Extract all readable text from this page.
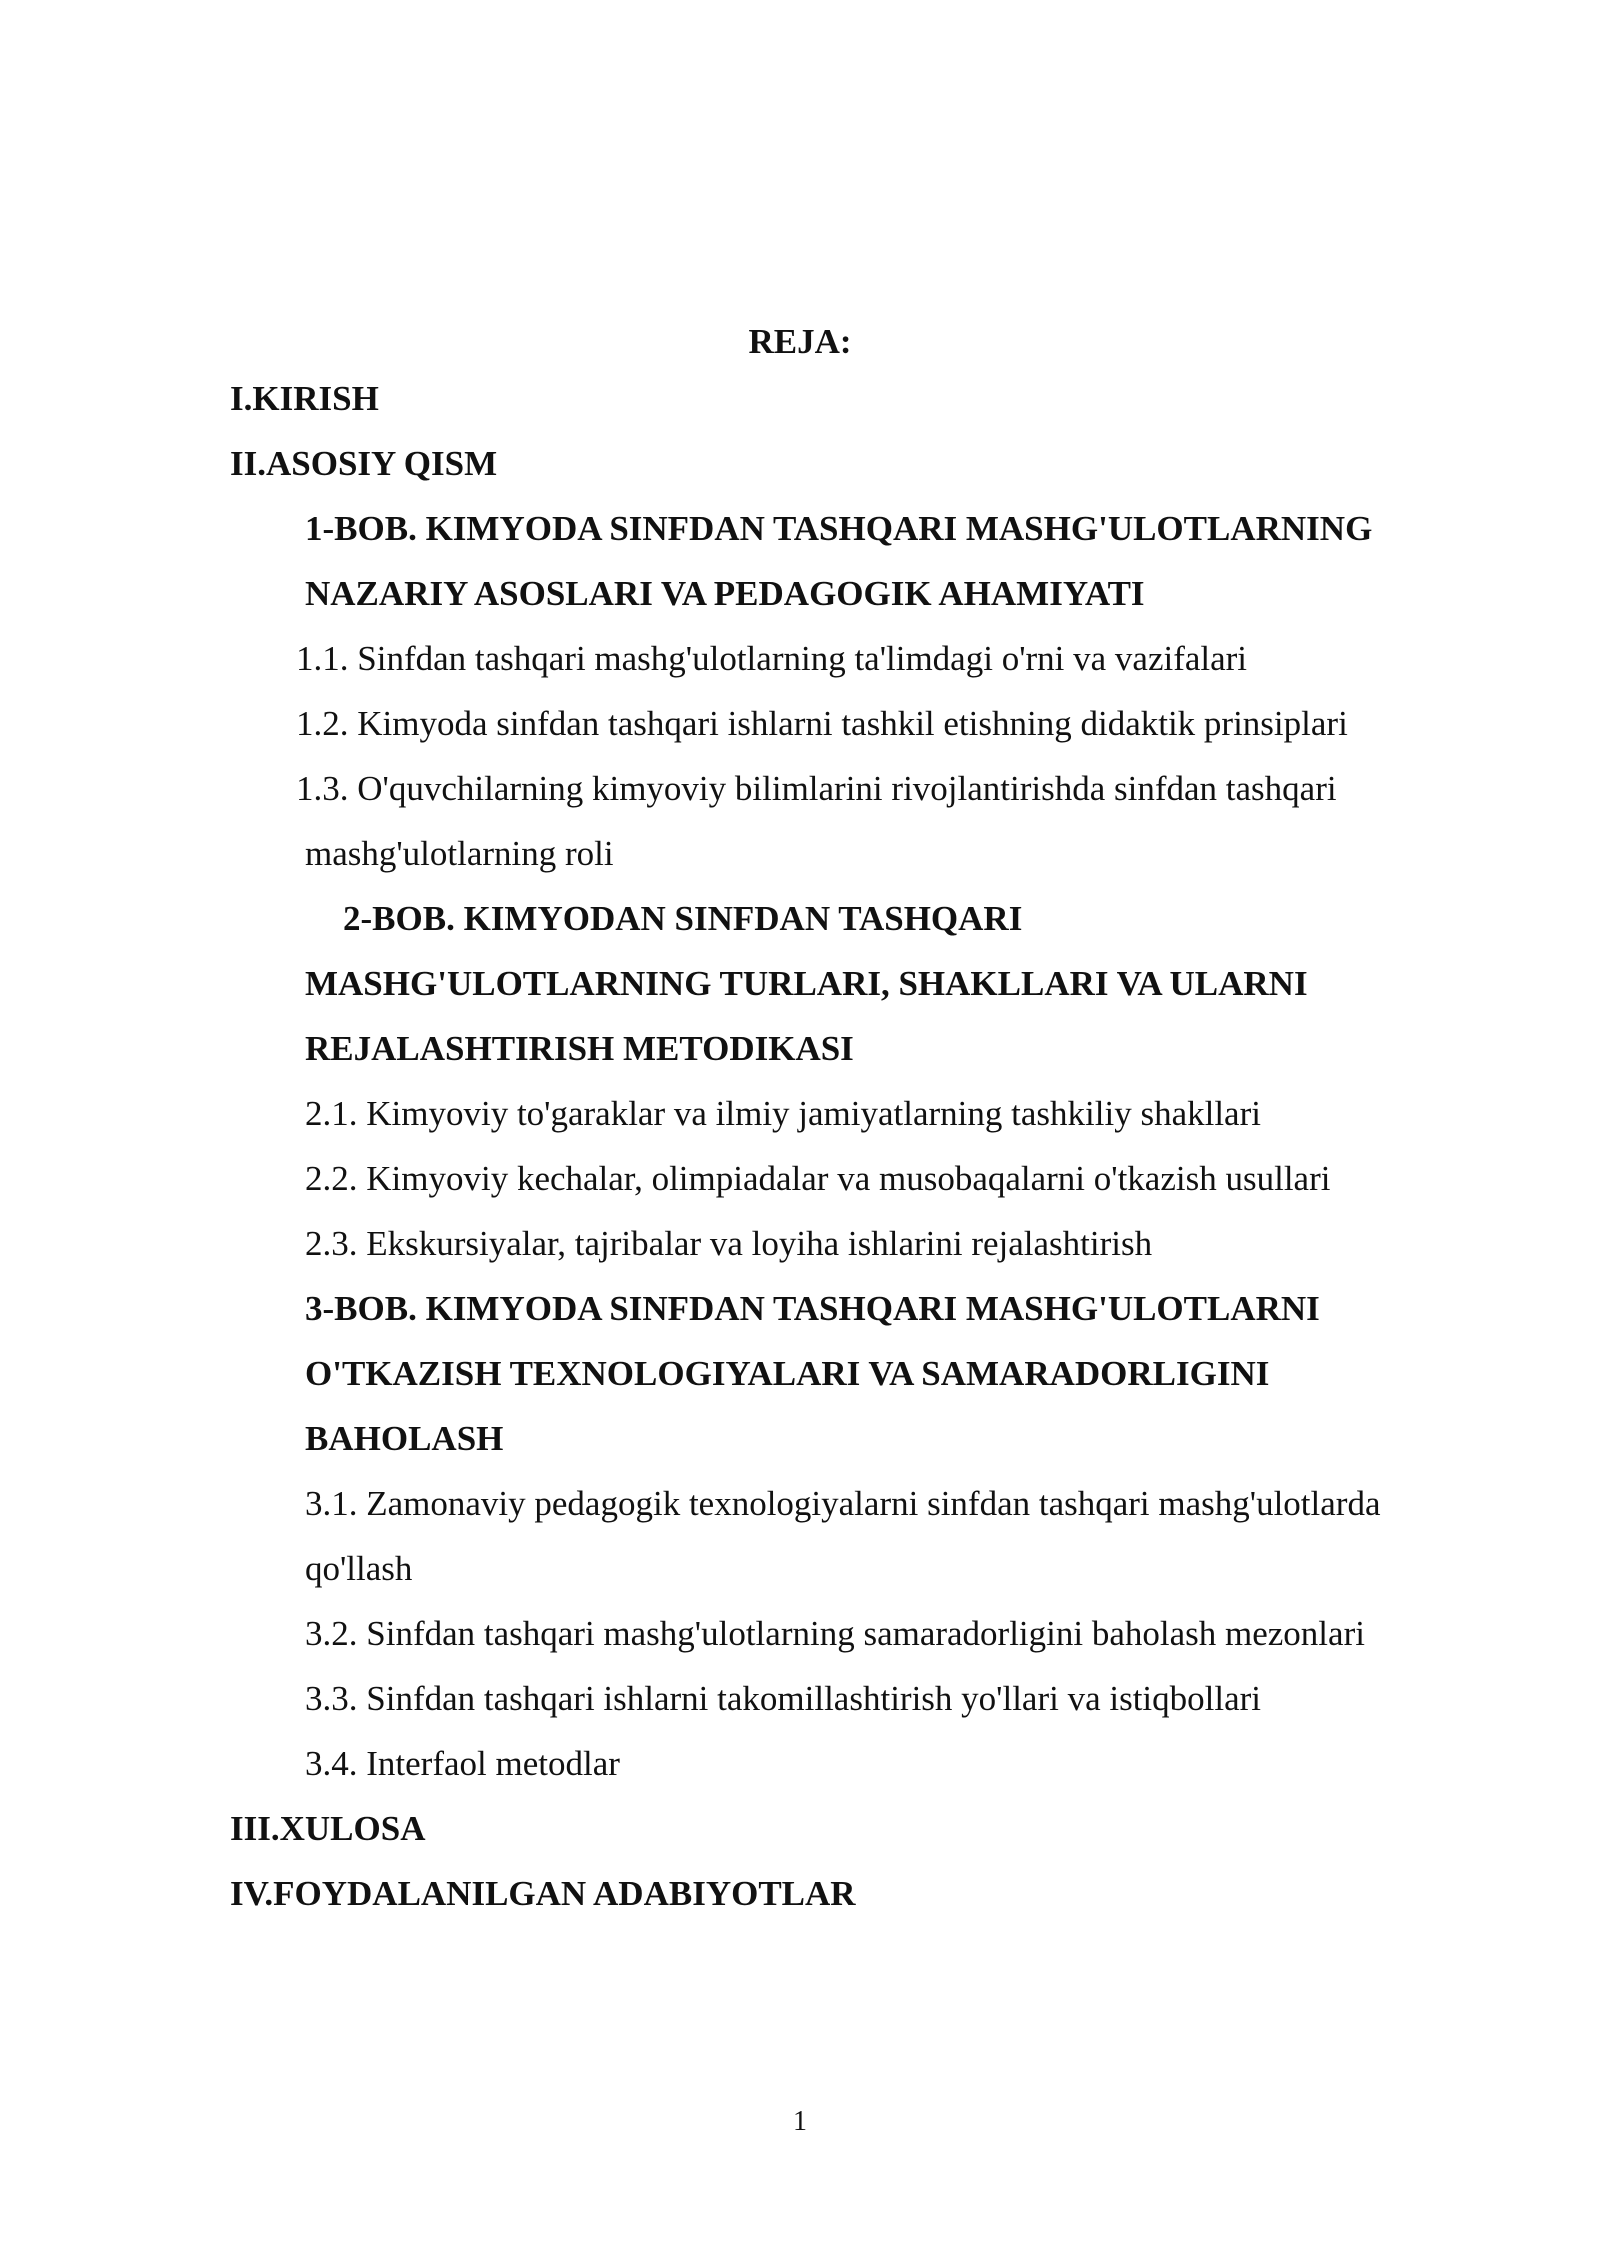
REJA:
I.KIRISH
II.ASOSIY QISM
1-BOB. KIMYODA SINFDAN TASHQARI MASHG'ULOTLARNING
NAZARIY ASOSLARI VA PEDAGOGIK AHAMIYATI
1.1. Sinfdan tashqari mashg'ulotlarning ta'limdagi o'rni va vazifalari
1.2. Kimyoda sinfdan tashqari ishlarni tashkil etishning didaktik prinsiplari
1.3. O'quvchilarning kimyoviy bilimlarini rivojlantirishda sinfdan tashqari
mashg'ulotlarning roli
2-BOB. KIMYODAN SINFDAN TASHQARI
MASHG'ULOTLARNING TURLARI, SHAKLLARI VA ULARNI
REJALASHTIRISH METODIKASI
2.1. Kimyoviy to'garaklar va ilmiy jamiyatlarning tashkiliy shakllari
2.2. Kimyoviy kechalar, olimpiadalar va musobaqalarni o'tkazish usullari
2.3. Ekskursiyalar, tajribalar va loyiha ishlarini rejalashtirish
3-BOB. KIMYODA SINFDAN TASHQARI MASHG'ULOTLARNI
O'TKAZISH TEXNOLOGIYALARI VA SAMARADORLIGINI
BAHOLASH
3.1. Zamonaviy pedagogik texnologiyalarni sinfdan tashqari mashg'ulotlarda
qo'llash
3.2. Sinfdan tashqari mashg'ulotlarning samaradorligini baholash mezonlari
3.3. Sinfdan tashqari ishlarni takomillashtirish yo'llari va istiqbollari
3.4. Interfaol metodlar
III.XULOSA
IV.FOYDALANILGAN ADABIYOTLAR
1
